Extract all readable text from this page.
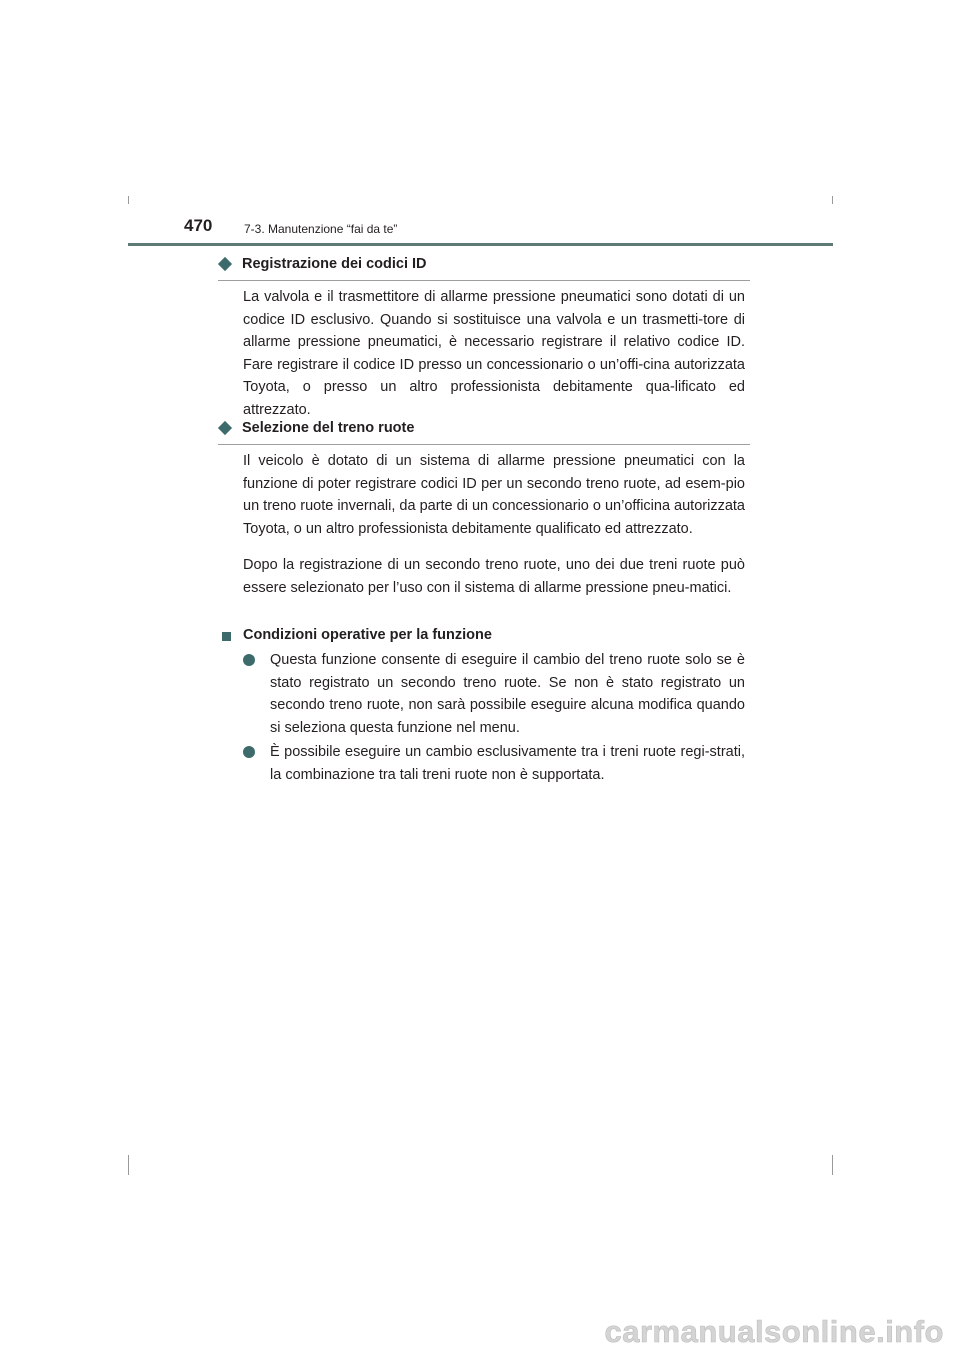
470	7-3. Manutenzione “fai da te”
Registrazione dei codici ID

La valvola e il trasmettitore di allarme pressione pneumatici sono dotati di un codice ID esclusivo. Quando si sostituisce una valvola e un trasmetti-tore di allarme pressione pneumatici, è necessario registrare il relativo codice ID. Fare registrare il codice ID presso un concessionario o un’offi-cina autorizzata Toyota, o presso un altro professionista debitamente qua-lificato ed attrezzato.

Selezione del treno ruote

Il veicolo è dotato di un sistema di allarme pressione pneumatici con la funzione di poter registrare codici ID per un secondo treno ruote, ad esem-pio un treno ruote invernali, da parte di un concessionario o un’officina autorizzata Toyota, o un altro professionista debitamente qualificato ed attrezzato.

Dopo la registrazione di un secondo treno ruote, uno dei due treni ruote può essere selezionato per l’uso con il sistema di allarme pressione pneu-matici.

Condizioni operative per la funzione

Questa funzione consente di eseguire il cambio del treno ruote solo se è stato registrato un secondo treno ruote. Se non è stato registrato un secondo treno ruote, non sarà possibile eseguire alcuna modifica quando si seleziona questa funzione nel menu.

È possibile eseguire un cambio esclusivamente tra i treni ruote regi-strati, la combinazione tra tali treni ruote non è supportata.

carmanualsonline.info
